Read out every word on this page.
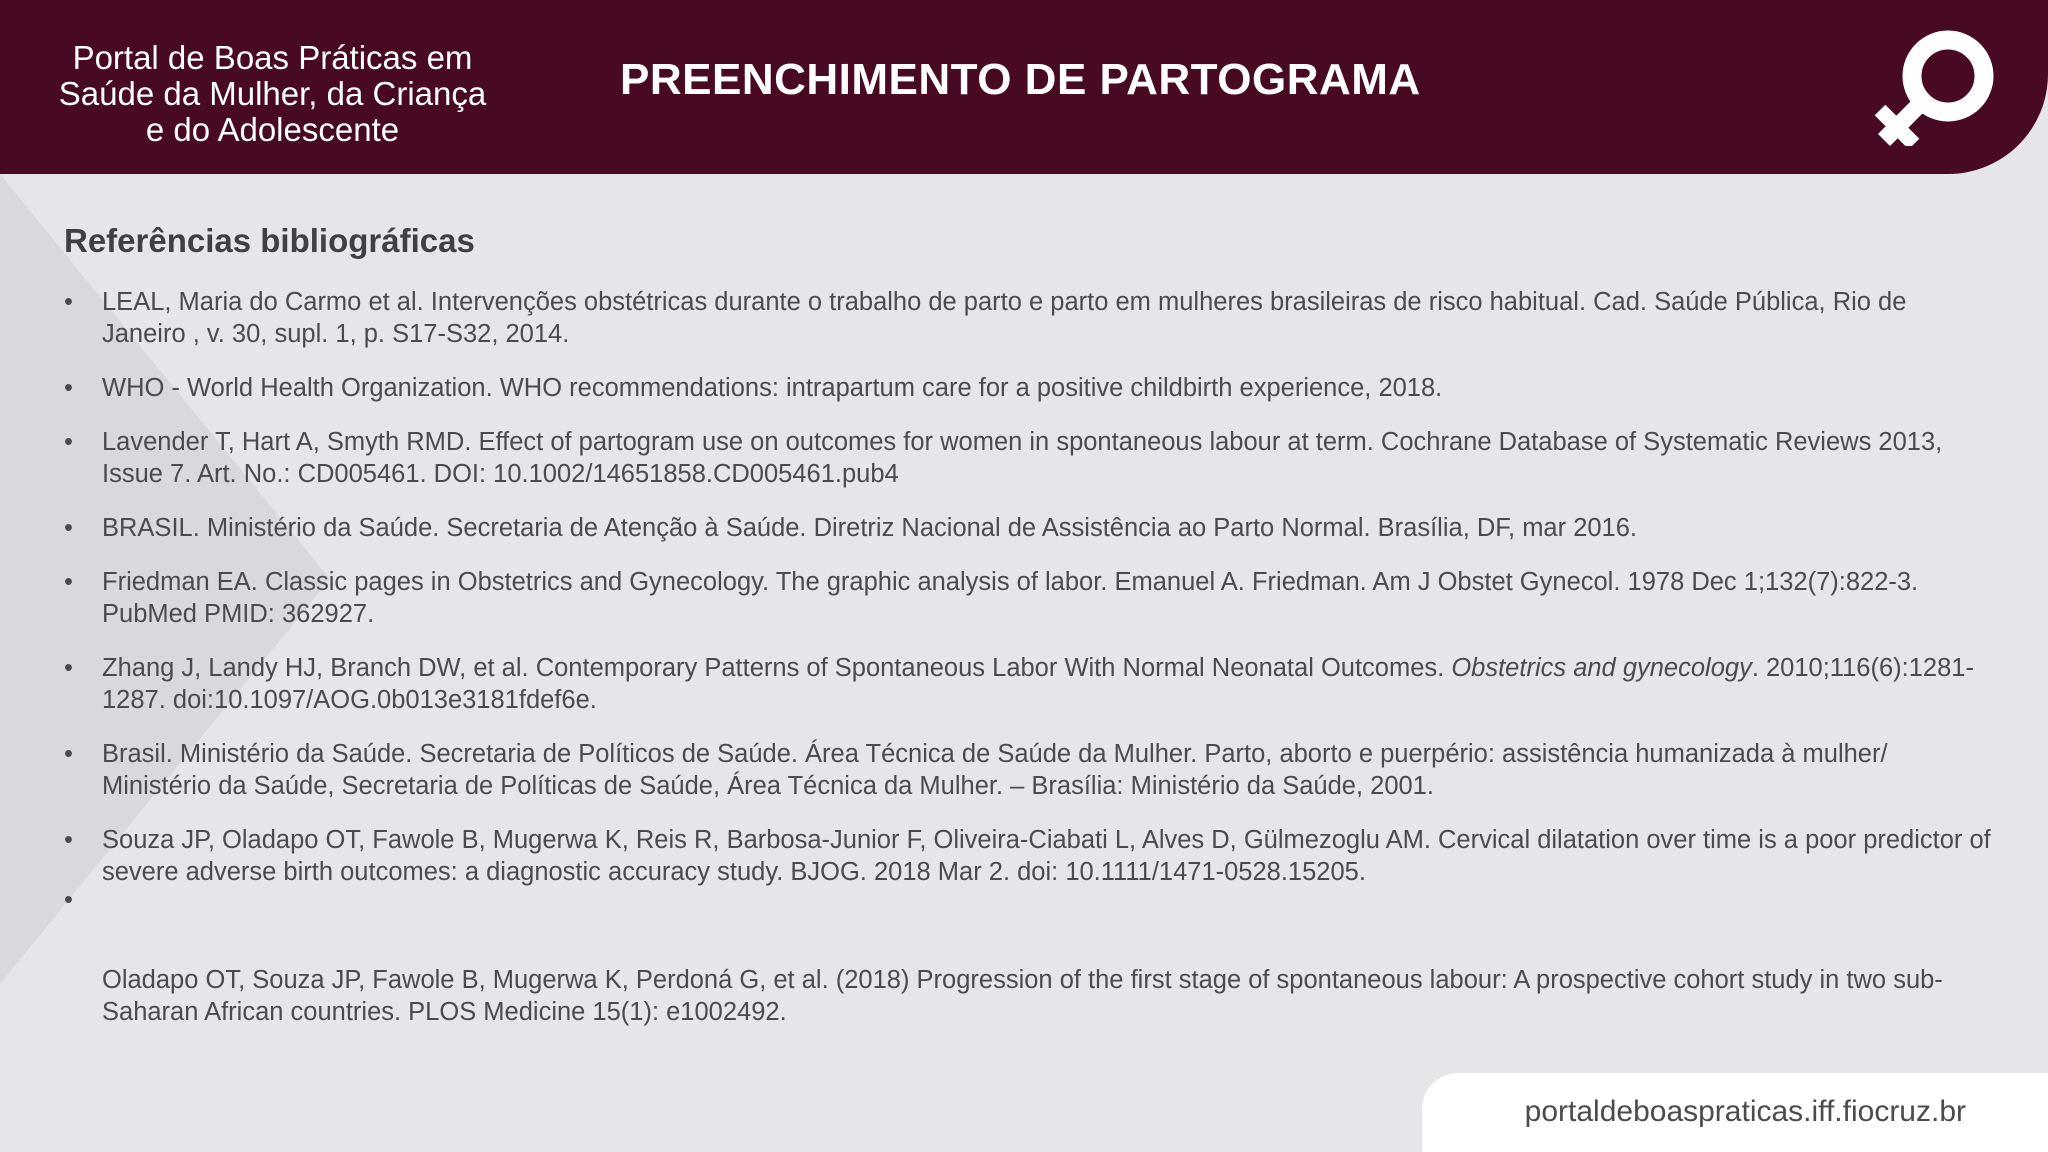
Portal de Boas Práticas em
Saúde da Mulher, da Criança
e do Adolescente
PREENCHIMENTO DE PARTOGRAMA
Referências bibliográficas
• LEAL, Maria do Carmo et al. Intervenções obstétricas durante o trabalho de parto e parto em mulheres brasileiras de risco habitual. Cad. Saúde Pública, Rio de Janeiro , v. 30, supl. 1, p. S17-S32, 2014.
• WHO - World Health Organization. WHO recommendations: intrapartum care for a positive childbirth experience, 2018.
• Lavender T, Hart A, Smyth RMD. Effect of partogram use on outcomes for women in spontaneous labour at term. Cochrane Database of Systematic Reviews 2013, Issue 7. Art. No.: CD005461. DOI: 10.1002/14651858.CD005461.pub4
• BRASIL. Ministério da Saúde. Secretaria de Atenção à Saúde. Diretriz Nacional de Assistência ao Parto Normal. Brasília, DF, mar 2016.
• Friedman EA. Classic pages in Obstetrics and Gynecology. The graphic analysis of labor. Emanuel A. Friedman. Am J Obstet Gynecol. 1978 Dec 1;132(7):822-3. PubMed PMID: 362927.
• Zhang J, Landy HJ, Branch DW, et al. Contemporary Patterns of Spontaneous Labor With Normal Neonatal Outcomes. Obstetrics and gynecology. 2010;116(6):1281-1287. doi:10.1097/AOG.0b013e3181fdef6e.
• Brasil. Ministério da Saúde. Secretaria de Políticos de Saúde. Área Técnica de Saúde da Mulher. Parto, aborto e puerpério: assistência humanizada à mulher/ Ministério da Saúde, Secretaria de Políticas de Saúde, Área Técnica da Mulher. – Brasília: Ministério da Saúde, 2001.
• Souza JP, Oladapo OT, Fawole B, Mugerwa K, Reis R, Barbosa-Junior F, Oliveira-Ciabati L, Alves D, Gülmezoglu AM. Cervical dilatation over time is a poor predictor of severe adverse birth outcomes: a diagnostic accuracy study. BJOG. 2018 Mar 2. doi: 10.1111/1471-0528.15205.
•
Oladapo OT, Souza JP, Fawole B, Mugerwa K, Perdoná G, et al. (2018) Progression of the first stage of spontaneous labour: A prospective cohort study in two sub-Saharan African countries. PLOS Medicine 15(1): e1002492.
portaldeboaspraticas.iff.fiocruz.br
